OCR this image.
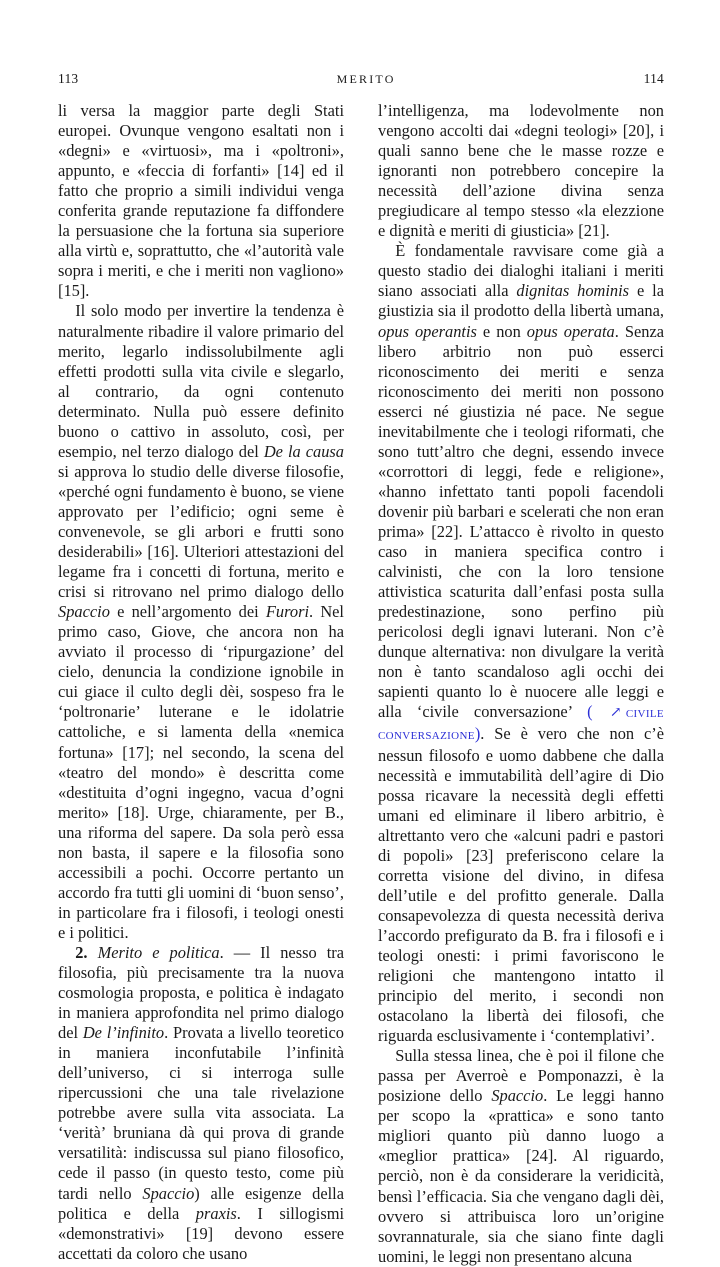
113	MERITO	114

li versa la maggior parte degli Stati europei. Ovunque vengono esaltati non i «degni» e «virtuosi», ma i «poltroni», appunto, e «feccia di forfanti» [14] ed il fatto che proprio a simili individui venga conferita grande reputazione fa diffondere la persuasione che la fortuna sia superiore alla virtù e, soprattutto, che «l’autorità vale sopra i meriti, e che i meriti non vagliono» [15].

Il solo modo per invertire la tendenza è naturalmente ribadire il valore primario del merito, legarlo indissolubilmente agli effetti prodotti sulla vita civile e slegarlo, al contrario, da ogni contenuto determinato. Nulla può essere definito buono o cattivo in assoluto, così, per esempio, nel terzo dialogo del De la causa si approva lo studio delle diverse filosofie, «perché ogni fundamento è buono, se viene approvato per l’edificio; ogni seme è convenevole, se gli arbori e frutti sono desiderabili» [16]. Ulteriori attestazioni del legame fra i concetti di fortuna, merito e crisi si ritrovano nel primo dialogo dello Spaccio e nell’argomento dei Furori. Nel primo caso, Giove, che ancora non ha avviato il processo di ‘ripurgazione’ del cielo, denuncia la condizione ignobile in cui giace il culto degli dèi, sospeso fra le ‘poltronarie’ luterane e le idolatrie cattoliche, e si lamenta della «nemica fortuna» [17]; nel secondo, la scena del «teatro del mondo» è descritta come «destituita d’ogni ingegno, vacua d’ogni merito» [18]. Urge, chiaramente, per B., una riforma del sapere. Da sola però essa non basta, il sapere e la filosofia sono accessibili a pochi. Occorre pertanto un accordo fra tutti gli uomini di ‘buon senso’, in particolare fra i filosofi, i teologi onesti e i politici.

2. Merito e politica. — Il nesso tra filosofia, più precisamente tra la nuova cosmologia proposta, e politica è indagato in maniera approfondita nel primo dialogo del De l’infinito. Provata a livello teoretico in maniera inconfutabile l’infinità dell’universo, ci si interroga sulle ripercussioni che una tale rivelazione potrebbe avere sulla vita associata. La ‘verità’ bruniana dà qui prova di grande versatilità: indiscussa sul piano filosofico, cede il passo (in questo testo, come più tardi nello Spaccio) alle esigenze della politica e della praxis. I sillogismi «demonstrativi» [19] devono essere accettati da coloro che usano

l’intelligenza, ma lodevolmente non vengono accolti dai «degni teologi» [20], i quali sanno bene che le masse rozze e ignoranti non potrebbero concepire la necessità dell’azione divina senza pregiudicare al tempo stesso «la elezzione e dignità e meriti di giusticia» [21].

È fondamentale ravvisare come già a questo stadio dei dialoghi italiani i meriti siano associati alla dignitas hominis e la giustizia sia il prodotto della libertà umana, opus operantis e non opus operata. Senza libero arbitrio non può esserci riconoscimento dei meriti e senza riconoscimento dei meriti non possono esserci né giustizia né pace. Ne segue inevitabilmente che i teologi riformati, che sono tutt’altro che degni, essendo invece «corrottori di leggi, fede e religione», «hanno infettato tanti popoli facendoli dovenir più barbari e scelerati che non eran prima» [22]. L’attacco è rivolto in questo caso in maniera specifica contro i calvinisti, che con la loro tensione attivistica scaturita dall’enfasi posta sulla predestinazione, sono perfino più pericolosi degli ignavi luterani. Non c’è dunque alternativa: non divulgare la verità non è tanto scandaloso agli occhi dei sapienti quanto lo è nuocere alle leggi e alla ‘civile conversazione’ ( ↗  civile conversazione). Se è vero che non c’è nessun filosofo e uomo dabbene che dalla necessità e immutabilità dell’agire di Dio possa ricavare la necessità degli effetti umani ed eliminare il libero arbitrio, è altrettanto vero che «alcuni padri e pastori di popoli» [23] preferiscono celare la corretta visione del divino, in difesa dell’utile e del profitto generale. Dalla consapevolezza di questa necessità deriva l’accordo prefigurato da B. fra i filosofi e i teologi onesti: i primi favoriscono le religioni che mantengono intatto il principio del merito, i secondi non ostacolano la libertà dei filosofi, che riguarda esclusivamente i ‘contemplativi’.

Sulla stessa linea, che è poi il filone che passa per Averroè e Pomponazzi, è la posizione dello Spaccio. Le leggi hanno per scopo la «prattica» e sono tanto migliori quanto più danno luogo a «meglior prattica» [24]. Al riguardo, perciò, non è da considerare la veridicità, bensì l’efficacia. Sia che vengano dagli dèi, ovvero si attribuisca loro un’origine sovrannaturale, sia che siano finte dagli uomini, le leggi non presentano alcuna
